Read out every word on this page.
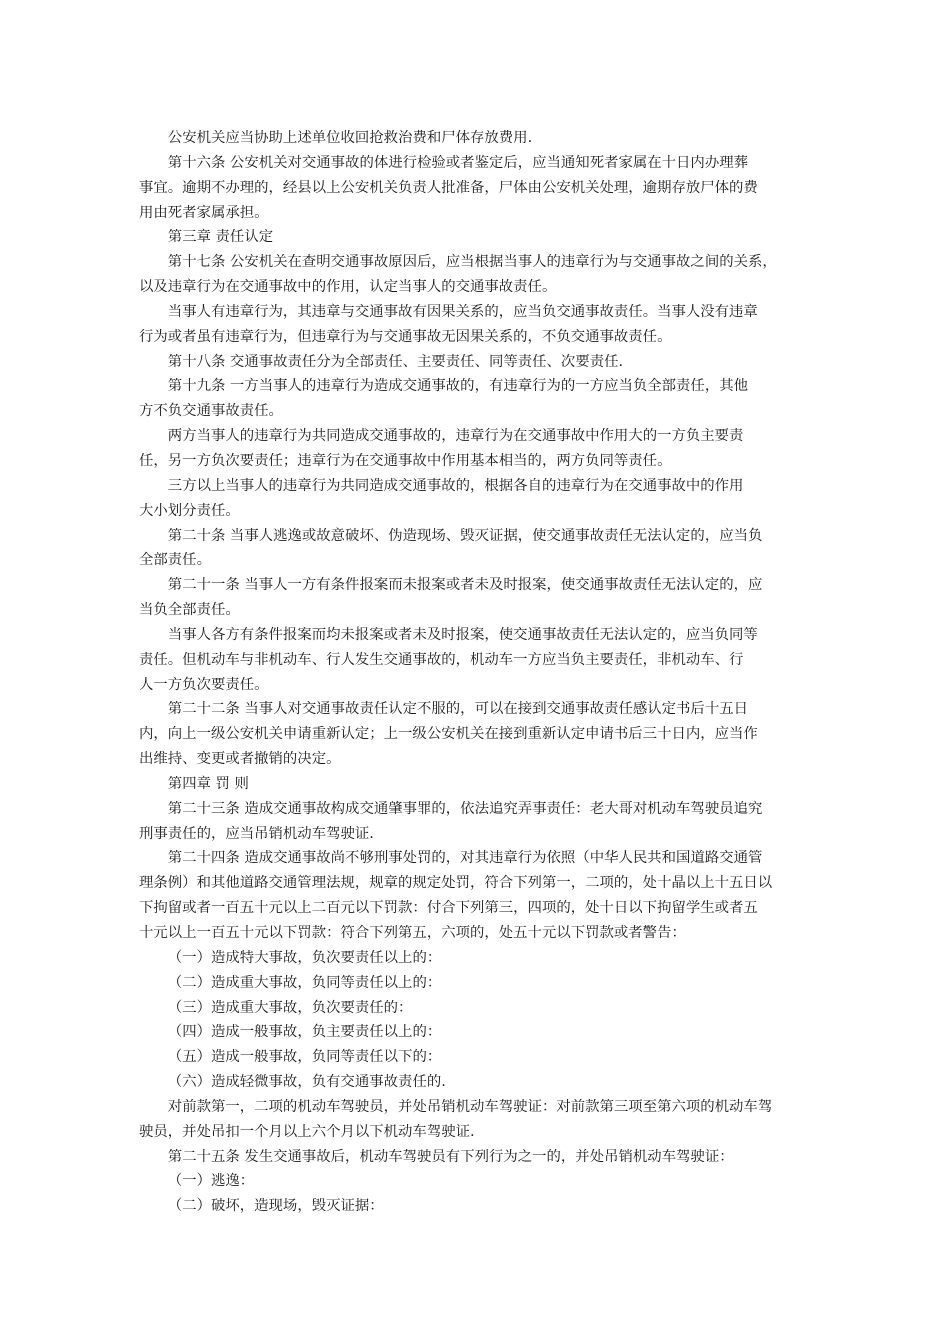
公安机关应当协助上述单位收回抢救治费和尸体存放费用.
第十六条 公安机关对交通事故的体进行检验或者鉴定后，应当通知死者家属在十日内办理葬
事宜。逾期不办理的，经县以上公安机关负责人批准备，尸体由公安机关处理，逾期存放尸体的费
用由死者家属承担。
第三章 责任认定
第十七条 公安机关在查明交通事故原因后，应当根据当事人的违章行为与交通事故之间的关系，
以及违章行为在交通事故中的作用，认定当事人的交通事故责任。
当事人有违章行为，其违章与交通事故有因果关系的，应当负交通事故责任。当事人没有违章
行为或者虽有违章行为，但违章行为与交通事故无因果关系的，不负交通事故责任。
第十八条 交通事故责任分为全部责任、主要责任、同等责任、次要责任.
第十九条 一方当事人的违章行为造成交通事故的，有违章行为的一方应当负全部责任，其他
方不负交通事故责任。
两方当事人的违章行为共同造成交通事故的，违章行为在交通事故中作用大的一方负主要责
任，另一方负次要责任；违章行为在交通事故中作用基本相当的，两方负同等责任。
三方以上当事人的违章行为共同造成交通事故的，根据各自的违章行为在交通事故中的作用
大小划分责任。
第二十条 当事人逃逸或故意破坏、伪造现场、毁灭证据，使交通事故责任无法认定的，应当负
全部责任。
第二十一条 当事人一方有条件报案而未报案或者未及时报案，使交通事故责任无法认定的，应
当负全部责任。
当事人各方有条件报案而均未报案或者未及时报案，使交通事故责任无法认定的，应当负同等
责任。但机动车与非机动车、行人发生交通事故的，机动车一方应当负主要责任，非机动车、行
人一方负次要责任。
第二十二条 当事人对交通事故责任认定不服的，可以在接到交通事故责任感认定书后十五日
内，向上一级公安机关申请重新认定；上一级公安机关在接到重新认定申请书后三十日内，应当作
出维持、变更或者撤销的决定。
第四章 罚 则
第二十三条 造成交通事故构成交通肇事罪的，依法追究弄事责任：老大哥对机动车驾驶员追究
刑事责任的，应当吊销机动车驾驶证.
第二十四条 造成交通事故尚不够刑事处罚的，对其违章行为依照（中华人民共和国道路交通管
理条例）和其他道路交通管理法规，规章的规定处罚，符合下列第一，二项的，处十晶以上十五日以
下拘留或者一百五十元以上二百元以下罚款：付合下列第三，四项的，处十日以下拘留学生或者五
十元以上一百五十元以下罚款：符合下列第五，六项的，处五十元以下罚款或者警告：
（一）造成特大事故，负次要责任以上的：
（二）造成重大事故，负同等责任以上的：
（三）造成重大事故，负次要责任的：
（四）造成一般事故，负主要责任以上的：
（五）造成一般事故，负同等责任以下的：
（六）造成轻微事故，负有交通事故责任的.
对前款第一，二项的机动车驾驶员，并处吊销机动车驾驶证：对前款第三项至第六项的机动车驾
驶员，并处吊扣一个月以上六个月以下机动车驾驶证.
第二十五条 发生交通事故后，机动车驾驶员有下列行为之一的，并处吊销机动车驾驶证：
（一）逃逸：
（二）破坏，造现场，毁灭证据：
